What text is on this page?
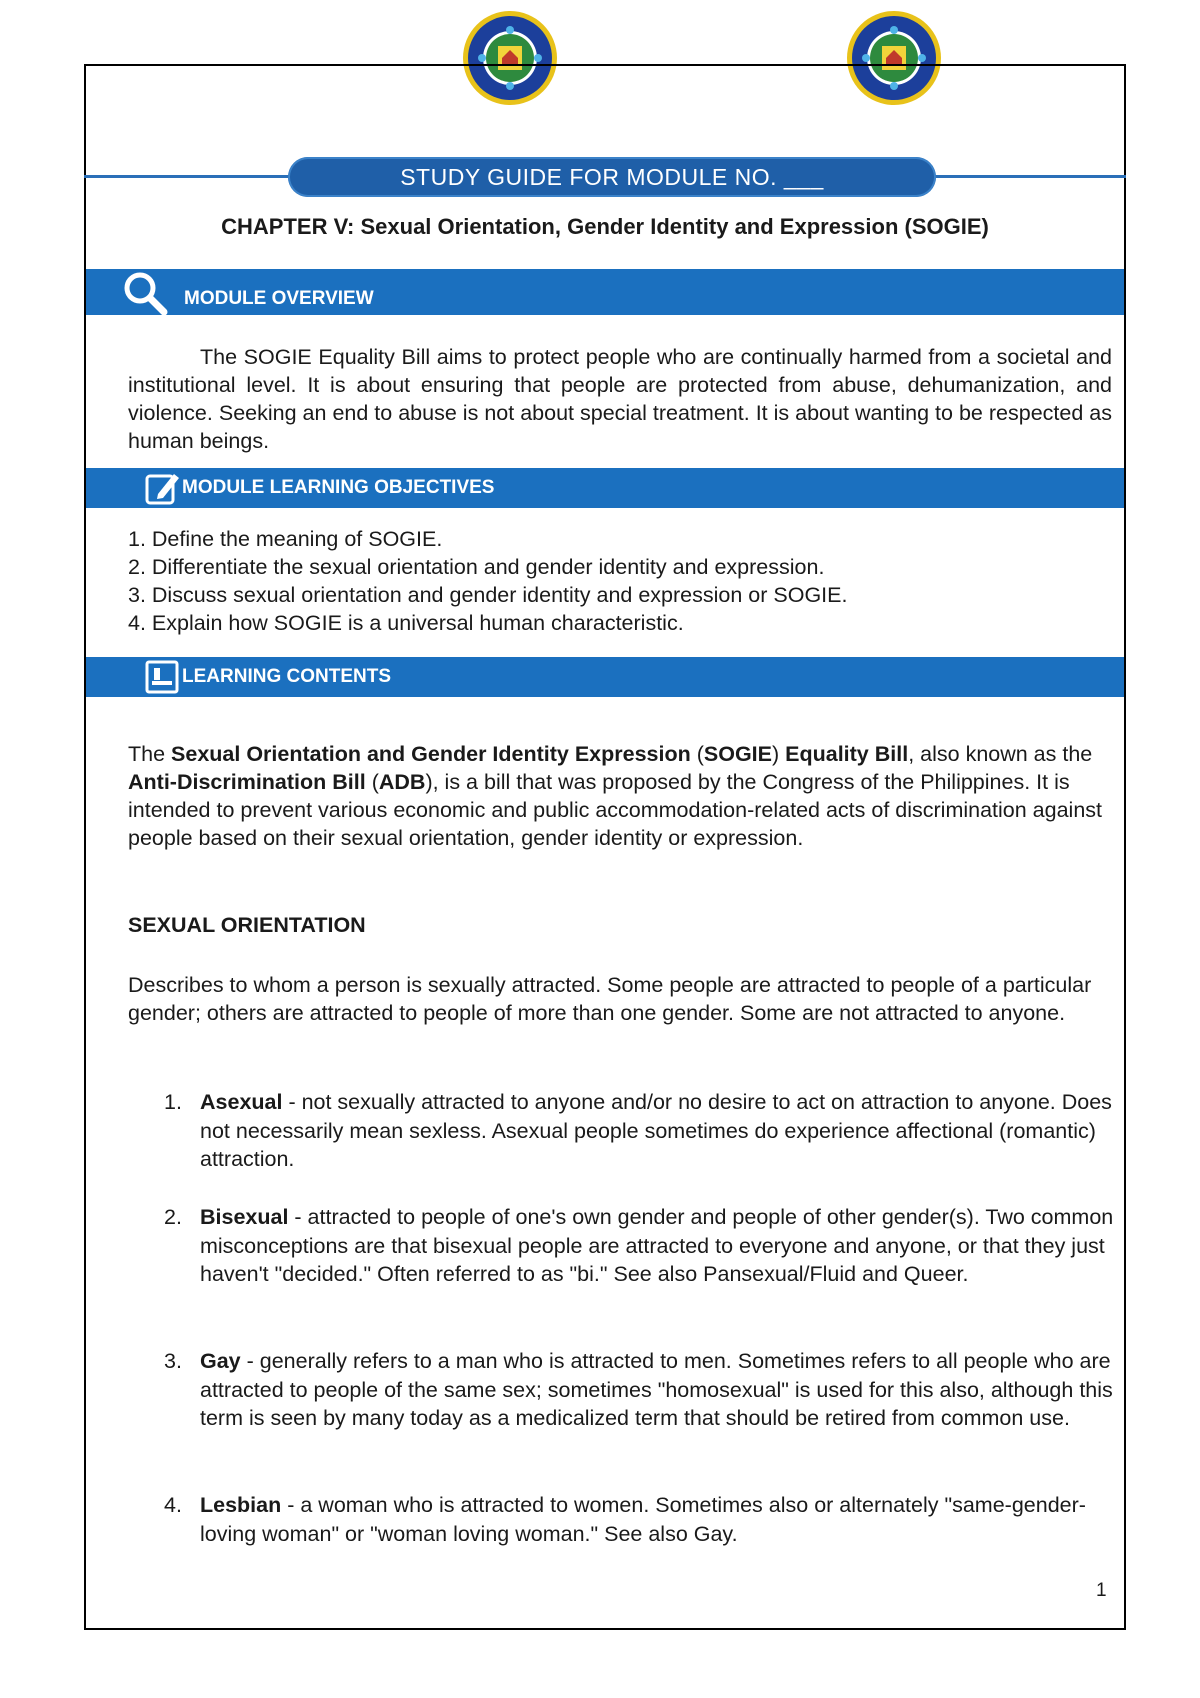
STUDY GUIDE FOR MODULE NO. ___
CHAPTER V: Sexual Orientation, Gender Identity and Expression (SOGIE)
MODULE OVERVIEW
The SOGIE Equality Bill aims to protect people who are continually harmed from a societal and institutional level. It is about ensuring that people are protected from abuse, dehumanization, and violence. Seeking an end to abuse is not about special treatment. It is about wanting to be respected as human beings.
MODULE LEARNING OBJECTIVES
1. Define the meaning of SOGIE.
2. Differentiate the sexual orientation and gender identity and expression.
3. Discuss sexual orientation and gender identity and expression or SOGIE.
4. Explain how SOGIE is a universal human characteristic.
LEARNING CONTENTS
The Sexual Orientation and Gender Identity Expression (SOGIE) Equality Bill, also known as the Anti-Discrimination Bill (ADB), is a bill that was proposed by the Congress of the Philippines. It is intended to prevent various economic and public accommodation-related acts of discrimination against people based on their sexual orientation, gender identity or expression.
SEXUAL ORIENTATION
Describes to whom a person is sexually attracted. Some people are attracted to people of a particular gender; others are attracted to people of more than one gender. Some are not attracted to anyone.
1. Asexual - not sexually attracted to anyone and/or no desire to act on attraction to anyone. Does not necessarily mean sexless. Asexual people sometimes do experience affectional (romantic) attraction.
2. Bisexual - attracted to people of one's own gender and people of other gender(s). Two common misconceptions are that bisexual people are attracted to everyone and anyone, or that they just haven't "decided." Often referred to as "bi." See also Pansexual/Fluid and Queer.
3. Gay - generally refers to a man who is attracted to men. Sometimes refers to all people who are attracted to people of the same sex; sometimes "homosexual" is used for this also, although this term is seen by many today as a medicalized term that should be retired from common use.
4. Lesbian - a woman who is attracted to women. Sometimes also or alternately "same-gender-loving woman" or "woman loving woman." See also Gay.
1
